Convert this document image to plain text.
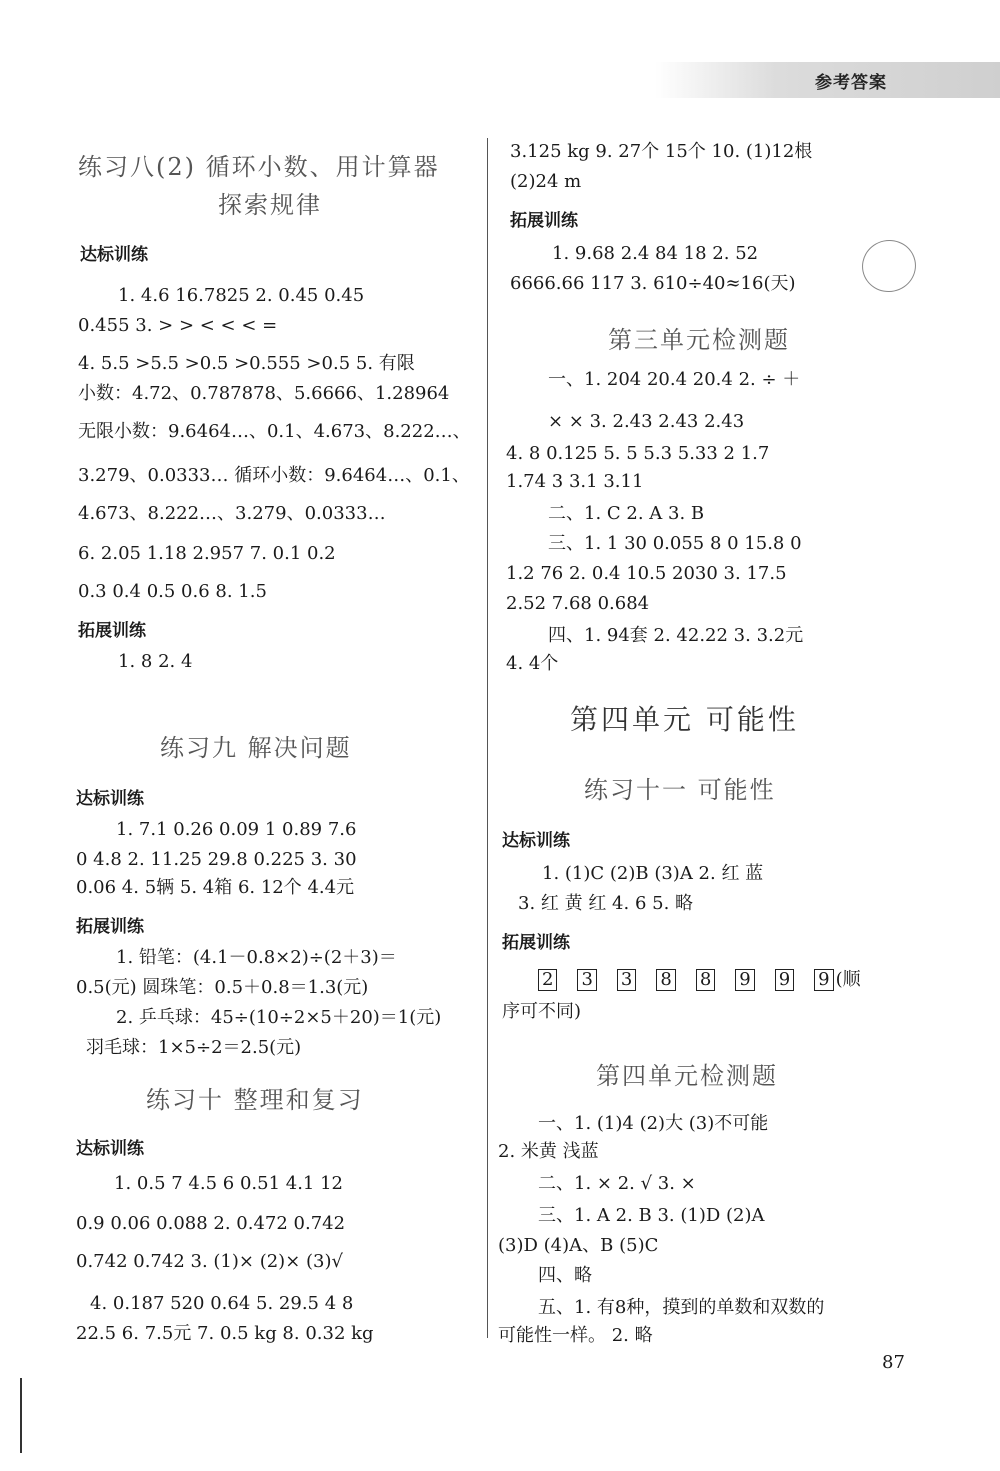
参考答案
练习八(2) 循环小数、用计算器
探索规律
达标训练
1. 4.6 16.7825 2. 0.45 0.45
0.455 3. > > < < < =
4. 5.5 >5.5 >0.5 >0.555 >0.5 5. 有限
小数：4.72、0.787878、5.6666、1.28964
无限小数：9.6464…、0.1、4.673、8.222…、
3.279、0.0333… 循环小数：9.6464…、0.1、
4.673、8.222…、3.279、0.0333…
6. 2.05 1.18 2.957 7. 0.1 0.2
0.3 0.4 0.5 0.6 8. 1.5
拓展训练
1. 8 2. 4
练习九 解决问题
达标训练
1. 7.1 0.26 0.09 1 0.89 7.6
0 4.8 2. 11.25 29.8 0.225 3. 30
0.06 4. 5辆 5. 4箱 6. 12个 4.4元
拓展训练
1. 铅笔：(4.1－0.8×2)÷(2＋3)＝
0.5(元) 圆珠笔：0.5＋0.8＝1.3(元)
2. 乒乓球：45÷(10÷2×5＋20)＝1(元)
羽毛球：1×5÷2＝2.5(元)
练习十 整理和复习
达标训练
1. 0.5 7 4.5 6 0.51 4.1 12
0.9 0.06 0.088 2. 0.472 0.742
0.742 0.742 3. (1)× (2)× (3)√
4. 0.187 520 0.64 5. 29.5 4 8
22.5 6. 7.5元 7. 0.5 kg 8. 0.32 kg
3.125 kg 9. 27个 15个 10. (1)12根
(2)24 m
拓展训练
1. 9.68 2.4 84 18 2. 52
6666.66 117 3. 610÷40≈16(天)
第三单元检测题
一、1. 204 20.4 20.4 2. ÷ ＋
× × 3. 2.43 2.43 2.43
4. 8 0.125 5. 5 5.3 5.33 2 1.7
1.74 3 3.1 3.11
二、1. C 2. A 3. B
三、1. 1 30 0.055 8 0 15.8 0
1.2 76 2. 0.4 10.5 2030 3. 17.5
2.52 7.68 0.684
四、1. 94套 2. 42.22 3. 3.2元
4. 4个
第四单元 可能性
练习十一 可能性
达标训练
1. (1)C (2)B (3)A 2. 红 蓝
3. 红 黄 红 4. 6 5. 略
拓展训练
2 3 3 8 8 9 9 9 (顺
序可不同)
第四单元检测题
一、1. (1)4 (2)大 (3)不可能
2. 米黄 浅蓝
二、1. × 2. √ 3. ×
三、1. A 2. B 3. (1)D (2)A
(3)D (4)A、B (5)C
四、略
五、1. 有8种，摸到的单数和双数的
可能性一样。 2. 略
87
